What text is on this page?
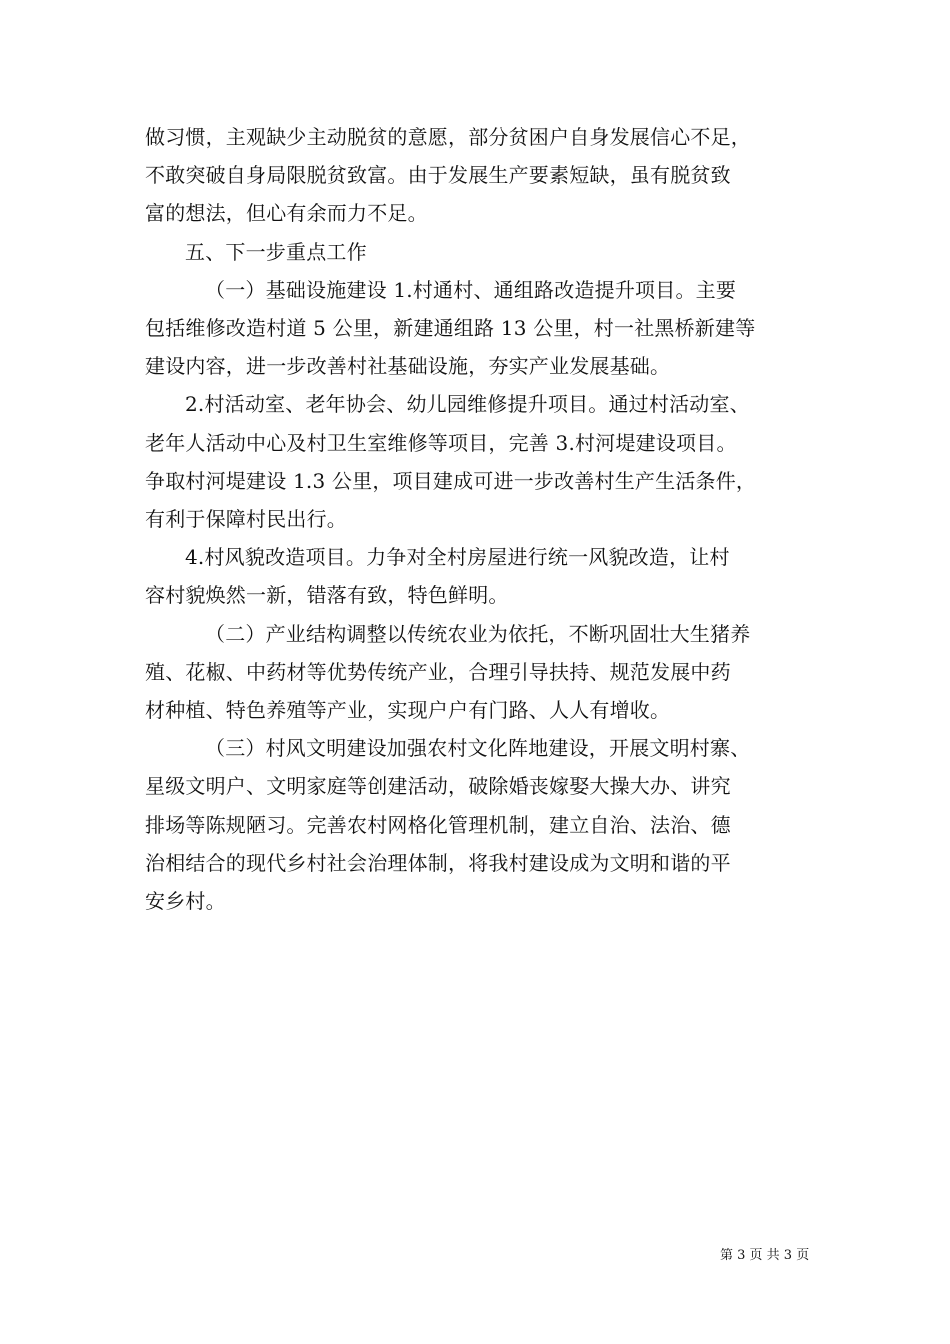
做习惯，主观缺少主动脱贫的意愿，部分贫困户自身发展信心不足，
不敢突破自身局限脱贫致富。由于发展生产要素短缺，虽有脱贫致
富的想法，但心有余而力不足。
五、下一步重点工作
（一）基础设施建设 1.村通村、通组路改造提升项目。主要
包括维修改造村道 5 公里，新建通组路 13 公里，村一社黑桥新建等
建设内容，进一步改善村社基础设施，夯实产业发展基础。
2.村活动室、老年协会、幼儿园维修提升项目。通过村活动室、
老年人活动中心及村卫生室维修等项目，完善 3.村河堤建设项目。
争取村河堤建设 1.3 公里，项目建成可进一步改善村生产生活条件，
有利于保障村民出行。
4.村风貌改造项目。力争对全村房屋进行统一风貌改造，让村
容村貌焕然一新，错落有致，特色鲜明。
（二）产业结构调整以传统农业为依托，不断巩固壮大生猪养
殖、花椒、中药材等优势传统产业，合理引导扶持、规范发展中药
材种植、特色养殖等产业，实现户户有门路、人人有增收。
（三）村风文明建设加强农村文化阵地建设，开展文明村寨、
星级文明户、文明家庭等创建活动，破除婚丧嫁娶大操大办、讲究
排场等陈规陋习。完善农村网格化管理机制，建立自治、法治、德
治相结合的现代乡村社会治理体制，将我村建设成为文明和谐的平
安乡村。
第 3 页 共 3 页
